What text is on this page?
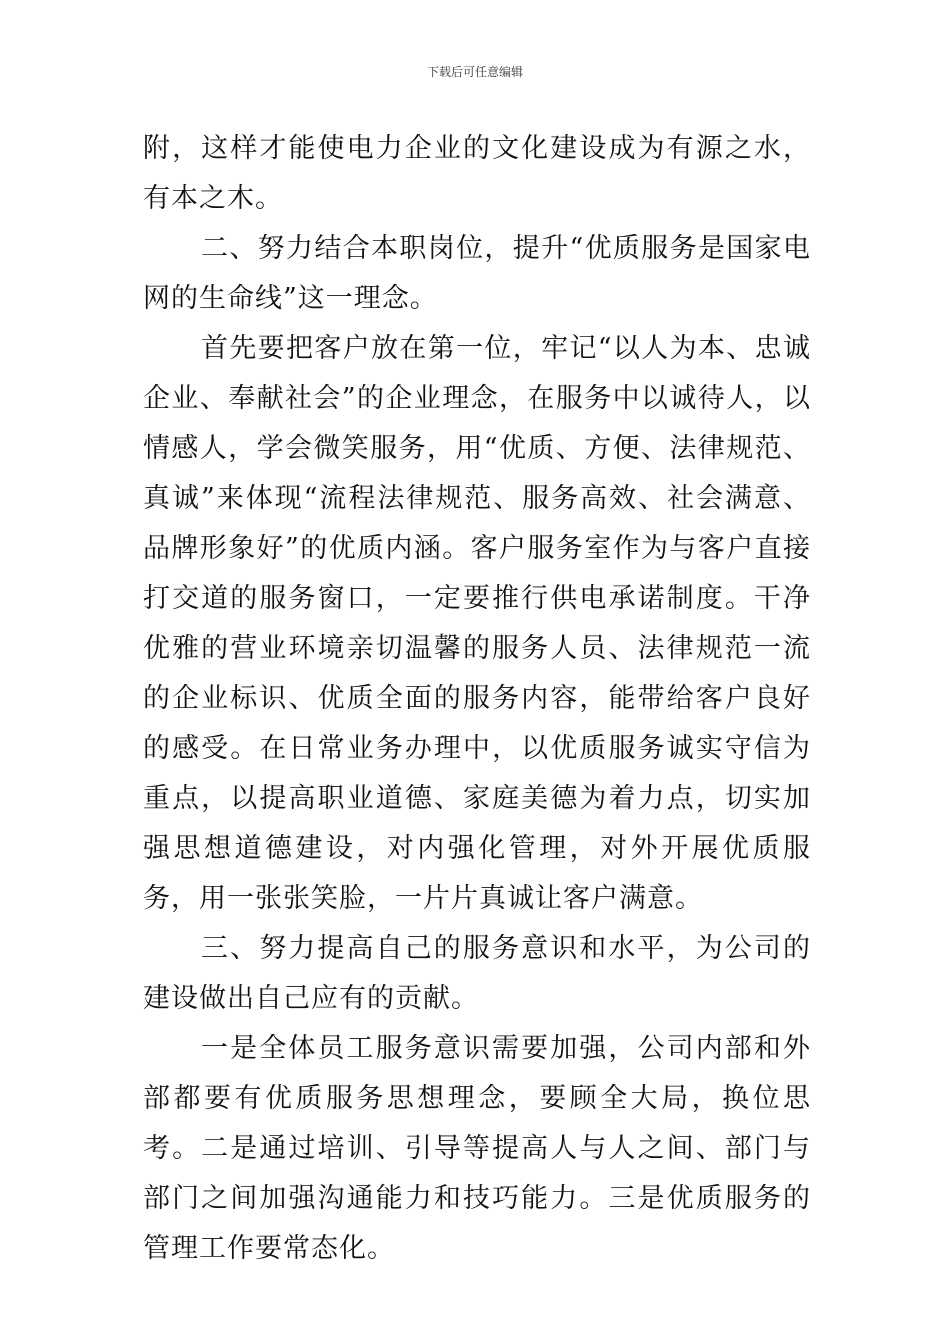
下载后可任意编辑

附，这样才能使电力企业的文化建设成为有源之水，有本之木。

二、努力结合本职岗位，提升“优质服务是国家电网的生命线”这一理念。

首先要把客户放在第一位，牢记“以人为本、忠诚企业、奉献社会”的企业理念，在服务中以诚待人，以情感人，学会微笑服务，用“优质、方便、法律规范、真诚”来体现“流程法律规范、服务高效、社会满意、品牌形象好”的优质内涵。客户服务室作为与客户直接打交道的服务窗口，一定要推行供电承诺制度。干净优雅的营业环境亲切温馨的服务人员、法律规范一流的企业标识、优质全面的服务内容，能带给客户良好的感受。在日常业务办理中，以优质服务诚实守信为重点，以提高职业道德、家庭美德为着力点，切实加强思想道德建设，对内强化管理，对外开展优质服务，用一张张笑脸，一片片真诚让客户满意。

三、努力提高自己的服务意识和水平，为公司的建设做出自己应有的贡献。

一是全体员工服务意识需要加强，公司内部和外部都要有优质服务思想理念，要顾全大局，换位思考。二是通过培训、引导等提高人与人之间、部门与部门之间加强沟通能力和技巧能力。三是优质服务的管理工作要常态化。
